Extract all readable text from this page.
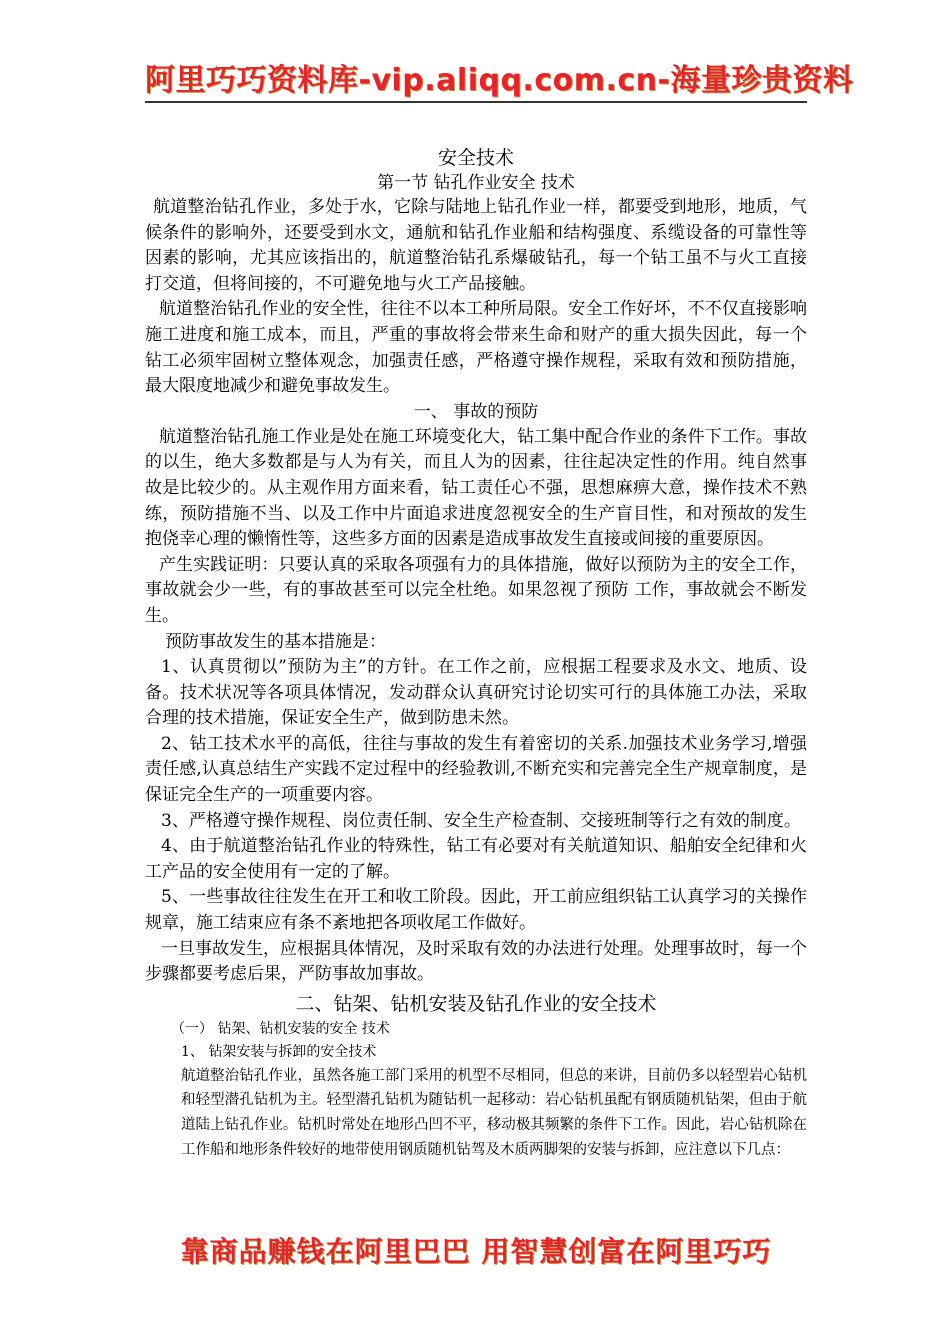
阿里巧巧资料库-vip.aliqq.com.cn-海量珍贵资料
安全技术
第一节 钻孔作业安全 技术

航道整治钻孔作业，多处于水，它除与陆地上钻孔作业一样，都要受到地形，地质，气候条件的影响外，还要受到水文，通航和钻孔作业船和结构强度、系缆设备的可靠性等因素的影响，尤其应该指出的，航道整治钻孔系爆破钻孔，每一个钻工虽不与火工直接打交道，但将间接的，不可避免地与火工产品接触。

航道整治钻孔作业的安全性，往往不以本工种所局限。安全工作好坏，不不仅直接影响施工进度和施工成本，而且，严重的事故将会带来生命和财产的重大损失因此，每一个钻工必须牢固树立整体观念，加强责任感，严格遵守操作规程，采取有效和预防措施，最大限度地减少和避免事故发生。

一、 事故的预防

航道整治钻孔施工作业是处在施工环境变化大，钻工集中配合作业的条件下工作。事故的以生，绝大多数都是与人为有关，而且人为的因素，往往起决定性的作用。纯自然事故是比较少的。从主观作用方面来看，钻工责任心不强，思想麻痹大意，操作技术不熟练，预防措施不当、以及工作中片面追求进度忽视安全的生产盲目性，和对预故的发生抱侥幸心理的懒惰性等，这些多方面的因素是造成事故发生直接或间接的重要原因。

产生实践证明：只要认真的采取各项强有力的具体措施，做好以预防为主的安全工作，事故就会少一些，有的事故甚至可以完全杜绝。如果忽视了预防 工作，事故就会不断发生。

预防事故发生的基本措施是：

1、认真贯彻以”预防为主”的方针。在工作之前，应根据工程要求及水文、地质、设备。技术状况等各项具体情况，发动群众认真研究讨论切实可行的具体施工办法，采取合理的技术措施，保证安全生产，做到防患未然。

2、钻工技术水平的高低，往往与事故的发生有着密切的关系.加强技术业务学习,增强责任感,认真总结生产实践不定过程中的经验教训,不断充实和完善完全生产规章制度，是保证完全生产的一项重要内容。

3、严格遵守操作规程、岗位责任制、安全生产检查制、交接班制等行之有效的制度。

4、由于航道整治钻孔作业的特殊性，钻工有必要对有关航道知识、船舶安全纪律和火工产品的安全使用有一定的了解。

5、一些事故往往发生在开工和收工阶段。因此，开工前应组织钻工认真学习的关操作规章，施工结束应有条不紊地把各项收尾工作做好。

一旦事故发生，应根据具体情况，及时采取有效的办法进行处理。处理事故时，每一个步骤都要考虑后果，严防事故加事故。

二、钻架、钻机安装及钻孔作业的安全技术
（一） 钻架、钻机安装的安全 技术
1、 钻架安装与拆卸的安全技术

航道整治钻孔作业，虽然各施工部门采用的机型不尽相同，但总的来讲，目前仍多以轻型岩心钻机和轻型潜孔钻机为主。轻型潜孔钻机为随钻机一起移动：岩心钻机虽配有钢质随机钻架，但由于航道陆上钻孔作业。钻机时常处在地形凸凹不平，移动极其频繁的条件下工作。因此，岩心钻机除在工作船和地形条件较好的地带使用钢质随机钻驾及木质两脚架的安装与拆卸，应注意以下几点：

靠商品赚钱在阿里巴巴 用智慧创富在阿里巧巧
